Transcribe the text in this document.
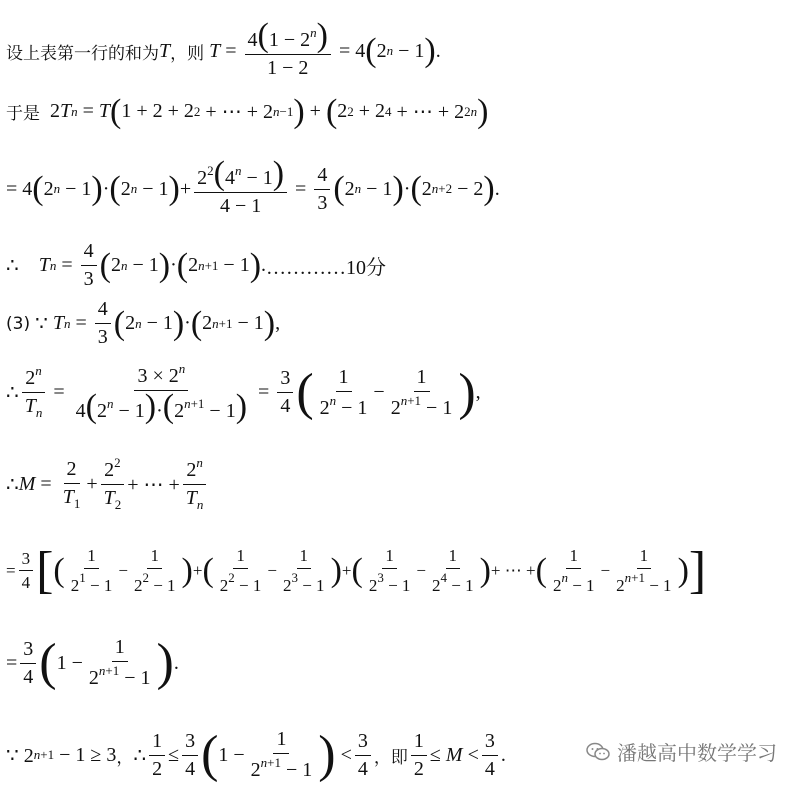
设上表第一行的和为 T ，则 $T = \frac{4(1 - 2^n)}{1 - 2} = 4$ ( 2 n − 1 ) .
于是 2 T n = T ( 1 + 2 + 2 2 + ⋯ + 2 n−1 ) + ( 2 2 + 2 4 + ⋯ + 2 2n )
= 4 ( 2 n − 1 ) · ( 2 n − 1 ) + $\frac{2^2(4^n - 1)}{4 - 1} = \frac{4}{3}$ ( 2 n − 1 ) · ( 2 n+2 − 2 ) .
∴ T $n = \frac{4}{3}$ ( 2 n − 1 ) · ( 2 n+1 − 1 ) . …………10分
(3) ∵ T $n = \frac{4}{3}$ ( 2 n − 1 ) · ( 2 n+1 − 1 ) ,
∴ $\frac{2^n}{T_n} = \frac{3 \times 2^n}{4(2^n - 1)\cdot(2^{n+1} - 1)} = \frac{3}{4}$ ( $\frac{1}{2^n - 1} - \frac{1}{2^{n+1} - 1}$ ) ,
∴ $M = \frac{2}{T_1} + \frac{2^2}{T_2}$ + ⋯ + $\frac{2^n}{T_n}$
= $\frac{3}{4}$ [ ( $\frac{1}{2^1 - 1} - \frac{1}{2^2 - 1}$ ) + ( $\frac{1}{2^2 - 1} - \frac{1}{2^3 - 1}$ ) + ( $\frac{1}{2^3 - 1} - \frac{1}{2^4 - 1}$ ) + ⋯ + ( $\frac{1}{2^n - 1} - \frac{1}{2^{n+1} - 1}$ ) ]
= $\frac{3}{4}$ ( $1 - \frac{1}{2^{n+1} - 1}$ ) .
∵ 2 n+1 − 1 ≥ 3 ， ∴ $\frac{1}{2} \le \frac{3}{4}$ ( $1 - \frac{1}{2^{n+1} - 1}$ ) < $\frac{3}{4}$ ，即 $\frac{1}{2} \le M < \frac{3}{4}$ .	潘越高中数学学习
